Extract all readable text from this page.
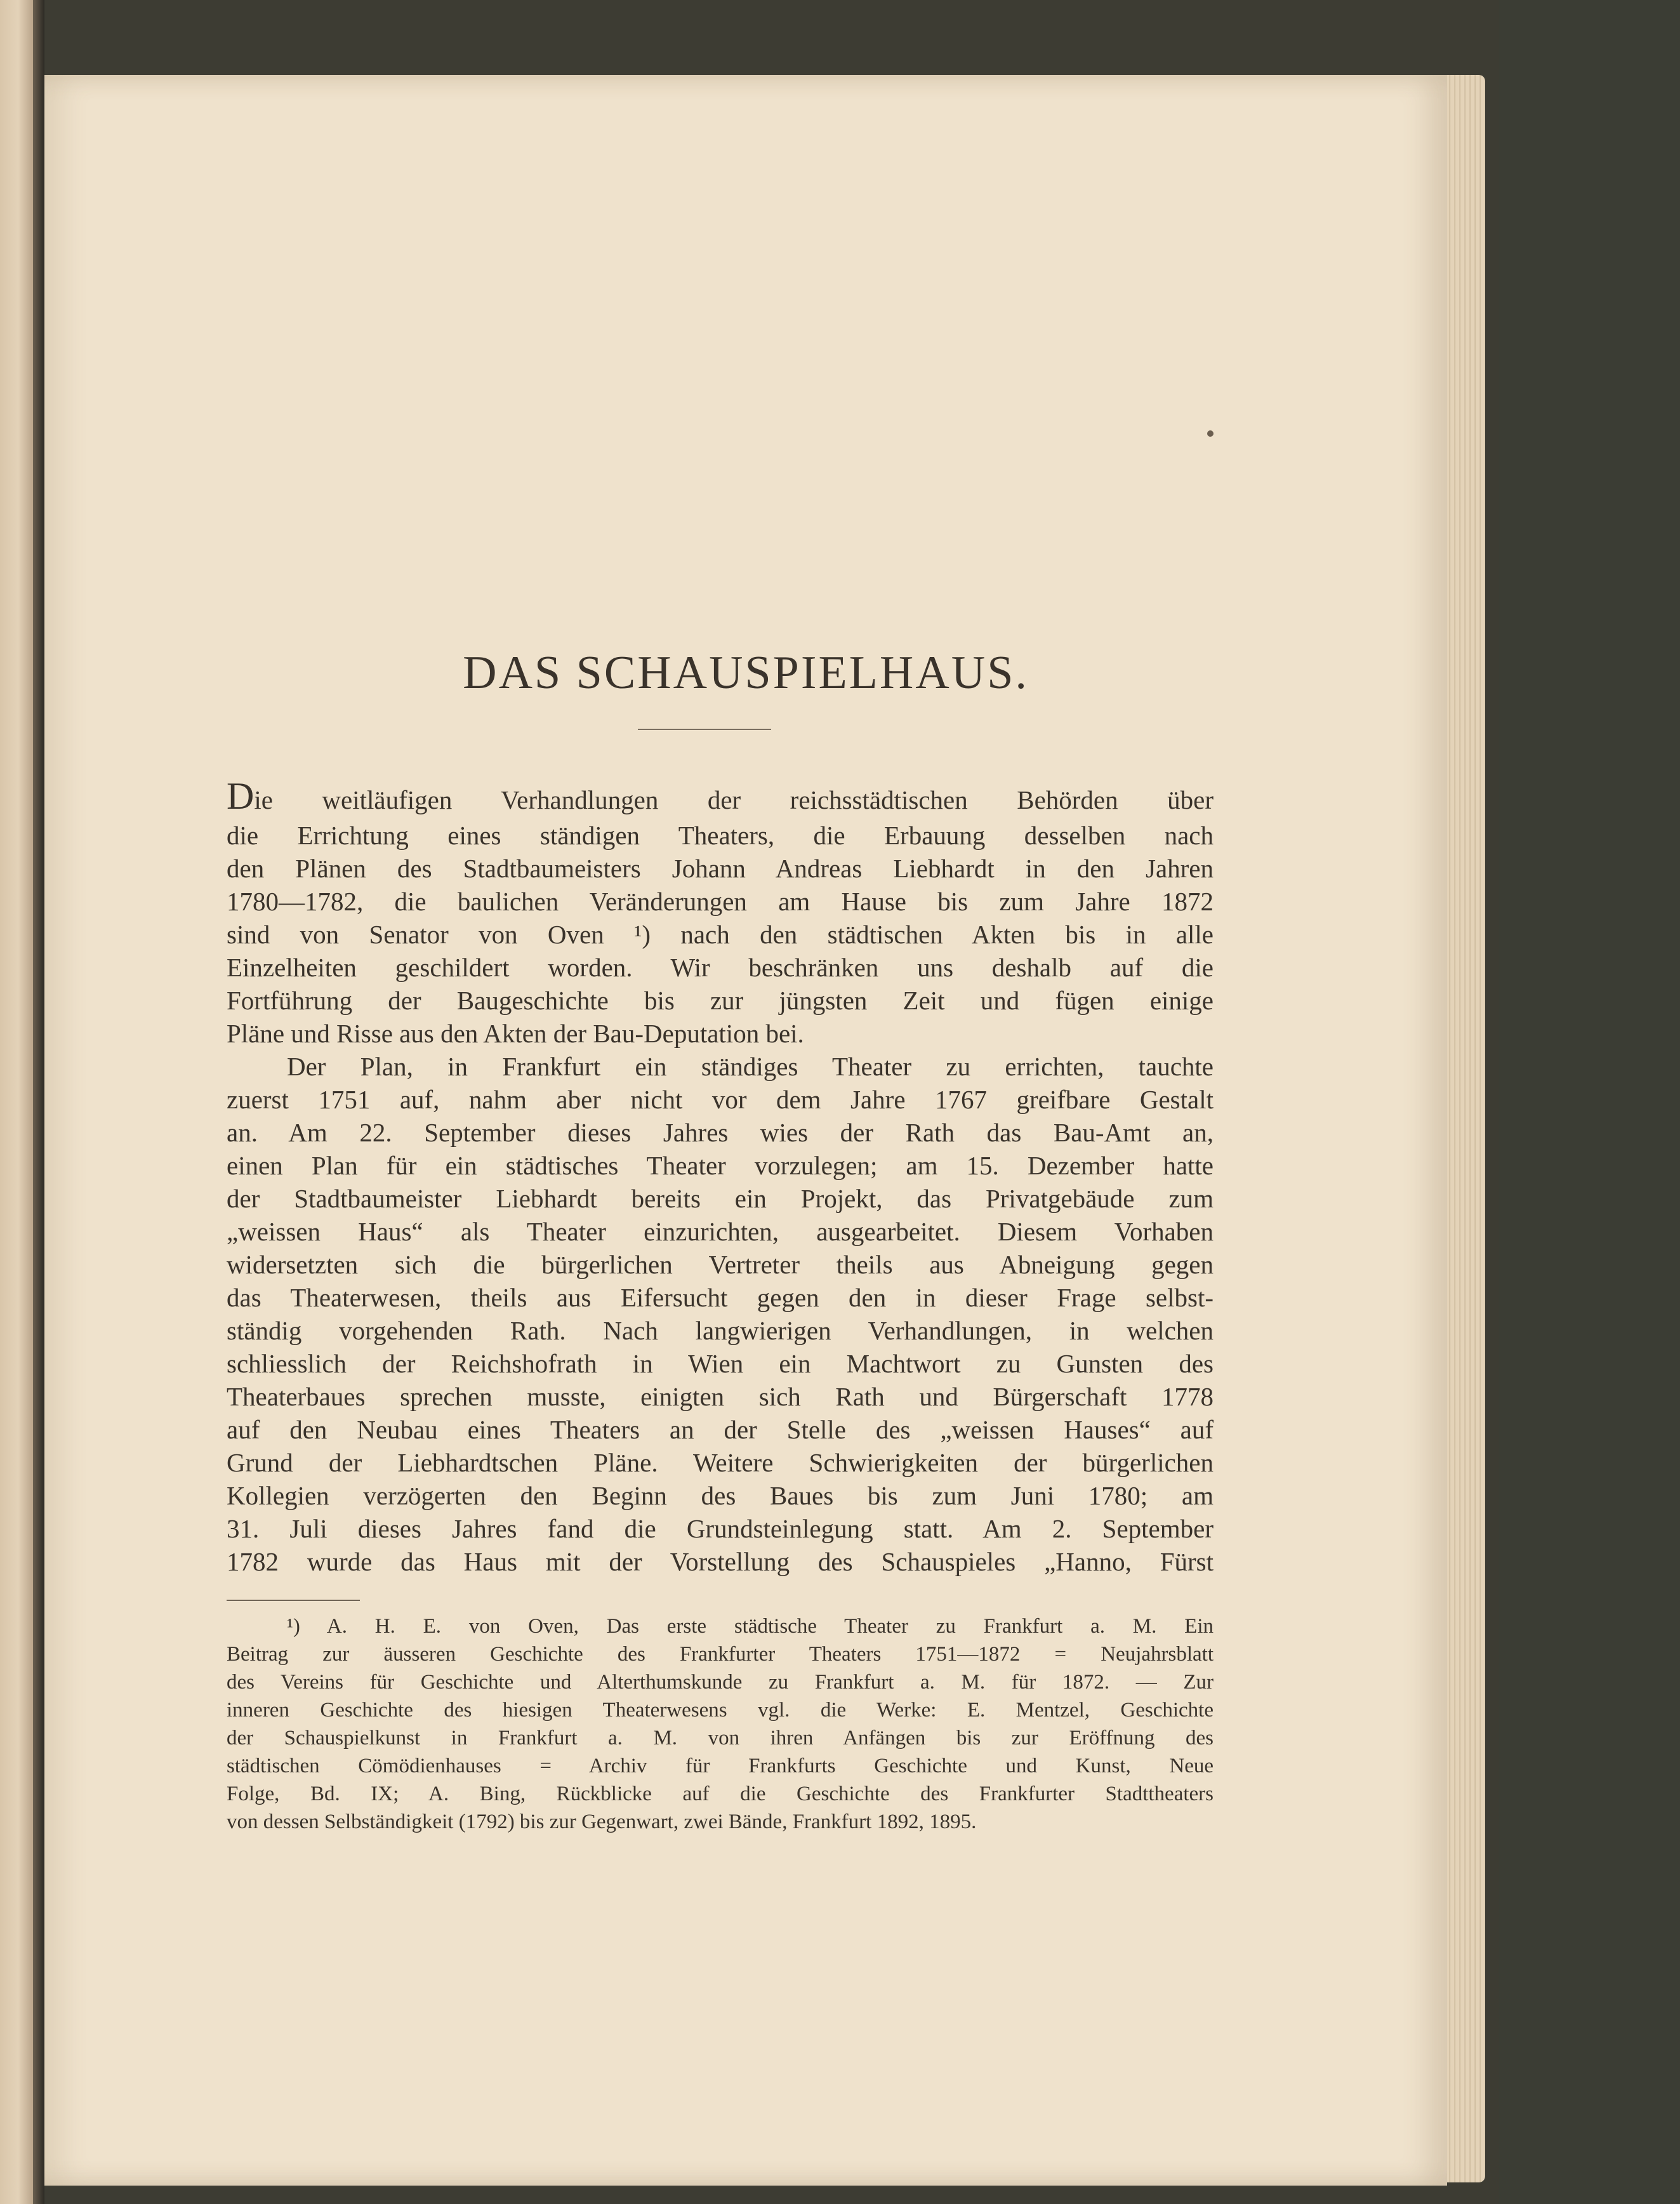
DAS SCHAUSPIELHAUS.
Die weitläufigen Verhandlungen der reichsstädtischen Behörden über
die Errichtung eines ständigen Theaters, die Erbauung desselben nach
den Plänen des Stadtbaumeisters Johann Andreas Liebhardt in den Jahren
1780—1782, die baulichen Veränderungen am Hause bis zum Jahre 1872
sind von Senator von Oven ¹) nach den städtischen Akten bis in alle
Einzelheiten geschildert worden. Wir beschränken uns deshalb auf die
Fortführung der Baugeschichte bis zur jüngsten Zeit und fügen einige
Pläne und Risse aus den Akten der Bau-Deputation bei.
Der Plan, in Frankfurt ein ständiges Theater zu errichten, tauchte
zuerst 1751 auf, nahm aber nicht vor dem Jahre 1767 greifbare Gestalt
an. Am 22. September dieses Jahres wies der Rath das Bau-Amt an,
einen Plan für ein städtisches Theater vorzulegen; am 15. Dezember hatte
der Stadtbaumeister Liebhardt bereits ein Projekt, das Privatgebäude zum
„weissen Haus“ als Theater einzurichten, ausgearbeitet. Diesem Vorhaben
widersetzten sich die bürgerlichen Vertreter theils aus Abneigung gegen
das Theaterwesen, theils aus Eifersucht gegen den in dieser Frage selbst-
ständig vorgehenden Rath. Nach langwierigen Verhandlungen, in welchen
schliesslich der Reichshofrath in Wien ein Machtwort zu Gunsten des
Theaterbaues sprechen musste, einigten sich Rath und Bürgerschaft 1778
auf den Neubau eines Theaters an der Stelle des „weissen Hauses“ auf
Grund der Liebhardtschen Pläne. Weitere Schwierigkeiten der bürgerlichen
Kollegien verzögerten den Beginn des Baues bis zum Juni 1780; am
31. Juli dieses Jahres fand die Grundsteinlegung statt. Am 2. September
1782 wurde das Haus mit der Vorstellung des Schauspieles „Hanno, Fürst
¹) A. H. E. von Oven, Das erste städtische Theater zu Frankfurt a. M. Ein
Beitrag zur äusseren Geschichte des Frankfurter Theaters 1751—1872 = Neujahrsblatt
des Vereins für Geschichte und Alterthumskunde zu Frankfurt a. M. für 1872. — Zur
inneren Geschichte des hiesigen Theaterwesens vgl. die Werke: E. Mentzel, Geschichte
der Schauspielkunst in Frankfurt a. M. von ihren Anfängen bis zur Eröffnung des
städtischen Cömödienhauses = Archiv für Frankfurts Geschichte und Kunst, Neue
Folge, Bd. IX; A. Bing, Rückblicke auf die Geschichte des Frankfurter Stadttheaters
von dessen Selbständigkeit (1792) bis zur Gegenwart, zwei Bände, Frankfurt 1892, 1895.
